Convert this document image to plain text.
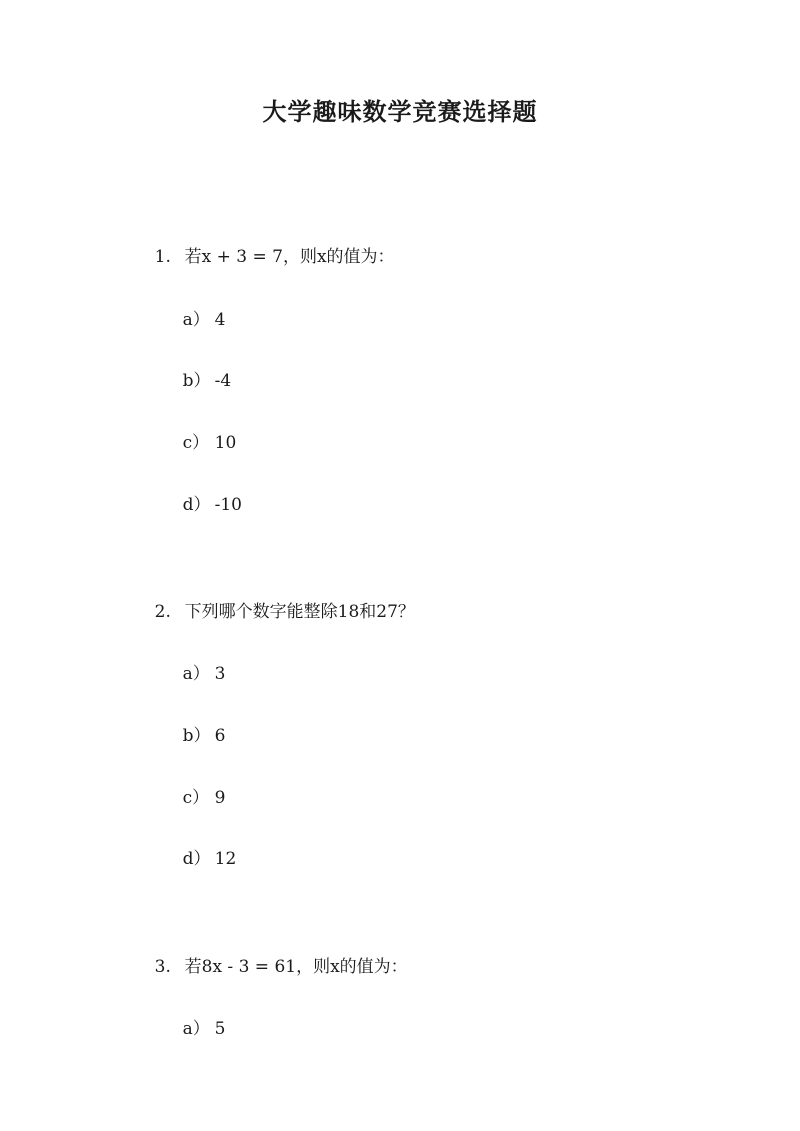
大学趣味数学竞赛选择题

1. 若x + 3 = 7，则x的值为：

a） 4

b） -4

c） 10

d） -10

2. 下列哪个数字能整除18和27？

a） 3

b） 6

c） 9

d） 12

3. 若8x - 3 = 61，则x的值为：

a） 5
